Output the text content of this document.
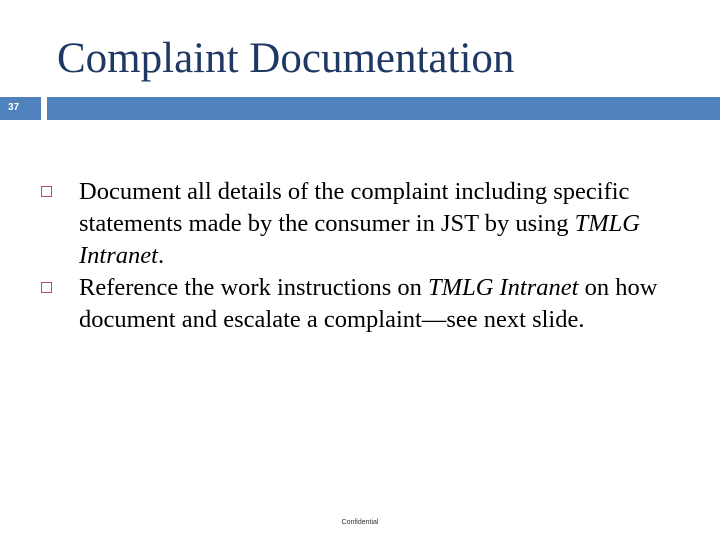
Complaint Documentation
37
Document all details of the complaint including specific statements made by the consumer in JST by using TMLG Intranet.
Reference the work instructions on TMLG Intranet on how document and escalate a complaint—see next slide.
Confidential
